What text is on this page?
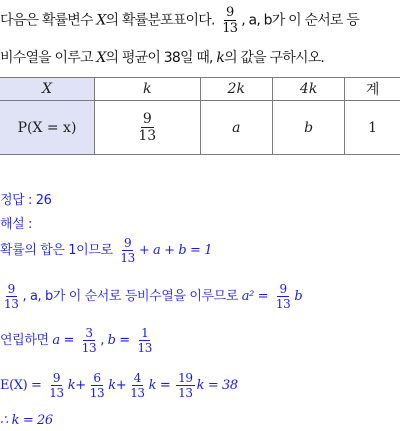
다음은 확률변수 X의 확률분포표이다. $\frac{9}{13}$ , a, b가 이 순서로 등
비수열을 이루고 X의 평균이 38일 때, k의 값을 구하시오.
X	k	2k	4k	계
P(X = x)	$\frac{9}{13}$	a	b	1
정답 : 26
해설 :
확률의 합은 1이므로 $\frac{9}{13} + a + b = 1$
$\frac{9}{13}$ , a, b가 이 순서로 등비수열을 이루므로 $a^2 = \frac{9}{13}$ b
연립하면 $a = \frac{3}{13}$ , $b = \frac{1}{13}$
$E(X) = \frac{9}{13} k+ \frac{6}{13} k+ \frac{4}{13}$ $k = \frac{19}{13}$ k = 38
∴ k = 26
